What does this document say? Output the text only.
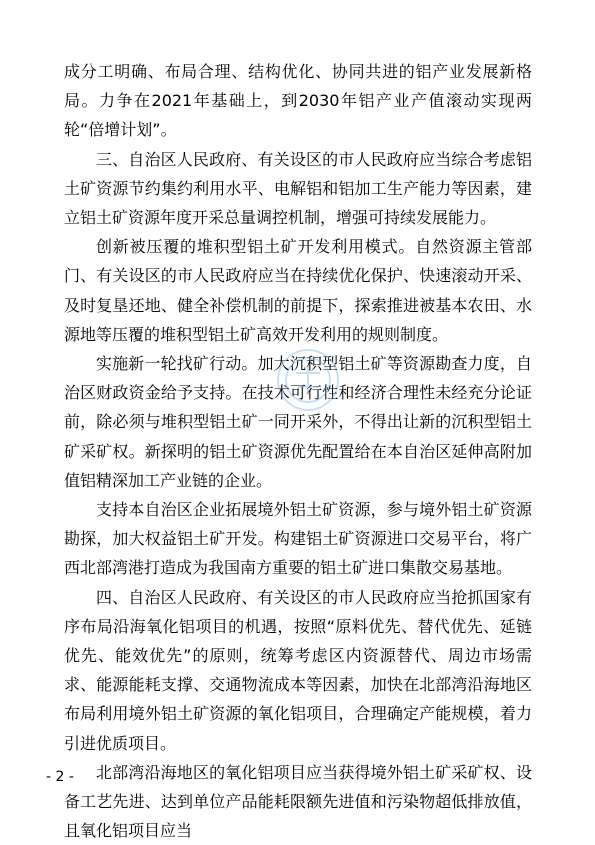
成分工明确、布局合理、结构优化、协同共进的铝产业发展新格局。力争在2021年基础上，到2030年铝产业产值滚动实现两轮“倍增计划”。

三、自治区人民政府、有关设区的市人民政府应当综合考虑铝土矿资源节约集约利用水平、电解铝和铝加工生产能力等因素，建立铝土矿资源年度开采总量调控机制，增强可持续发展能力。

创新被压覆的堆积型铝土矿开发利用模式。自然资源主管部门、有关设区的市人民政府应当在持续优化保护、快速滚动开采、及时复垦还地、健全补偿机制的前提下，探索推进被基本农田、水源地等压覆的堆积型铝土矿高效开发利用的规则制度。

实施新一轮找矿行动。加大沉积型铝土矿等资源勘查力度，自治区财政资金给予支持。在技术可行性和经济合理性未经充分论证前，除必须与堆积型铝土矿一同开采外，不得出让新的沉积型铝土矿采矿权。新探明的铝土矿资源优先配置给在本自治区延伸高附加值铝精深加工产业链的企业。

支持本自治区企业拓展境外铝土矿资源，参与境外铝土矿资源勘探，加大权益铝土矿开发。构建铝土矿资源进口交易平台，将广西北部湾港打造成为我国南方重要的铝土矿进口集散交易基地。

四、自治区人民政府、有关设区的市人民政府应当抢抓国家有序布局沿海氧化铝项目的机遇，按照“原料优先、替代优先、延链优先、能效优先”的原则，统筹考虑区内资源替代、周边市场需求、能源能耗支撑、交通物流成本等因素，加快在北部湾沿海地区布局利用境外铝土矿资源的氧化铝项目，合理确定产能规模，着力引进优质项目。

北部湾沿海地区的氧化铝项目应当获得境外铝土矿采矿权、设备工艺先进、达到单位产品能耗限额先进值和污染物超低排放值，且氧化铝项目应当

- 2 -
